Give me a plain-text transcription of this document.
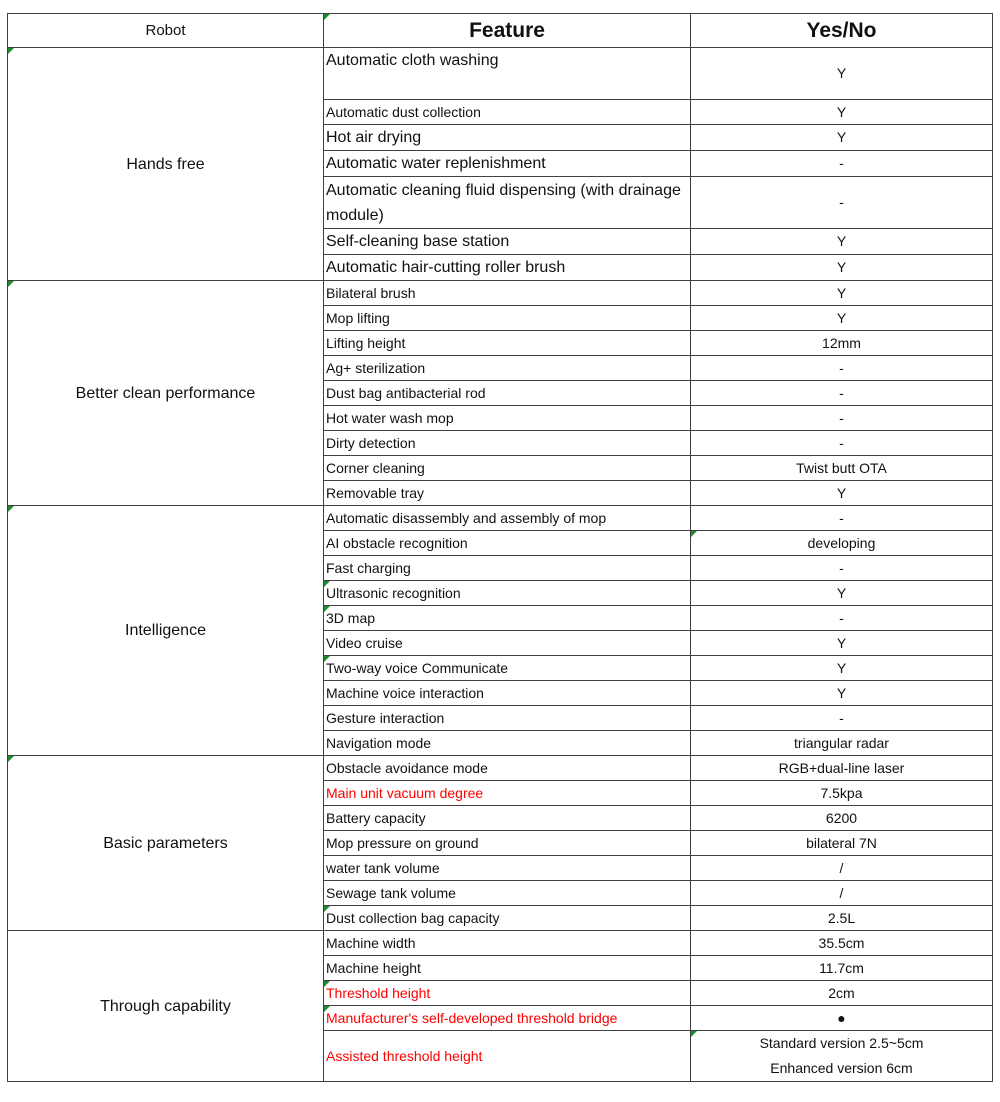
Robot	Feature	Yes/No
Hands free	Automatic cloth washing	Y
	Automatic dust collection	Y
	Hot air drying	Y
	Automatic water replenishment	-
	Automatic cleaning fluid dispensing (with drainage module)	-
	Self-cleaning base station	Y
	Automatic hair-cutting roller brush	Y
Better clean performance	Bilateral brush	Y
	Mop lifting	Y
	Lifting height	12mm
	Ag+ sterilization	-
	Dust bag antibacterial rod	-
	Hot water wash mop	-
	Dirty detection	-
	Corner cleaning	Twist butt OTA
	Removable tray	Y
Intelligence	Automatic disassembly and assembly of mop	-
	AI obstacle recognition	developing
	Fast charging	-
	Ultrasonic recognition	Y
	3D map	-
	Video cruise	Y
	Two-way voice Communicate	Y
	Machine voice interaction	Y
	Gesture interaction	-
	Navigation mode	triangular radar
Basic parameters	Obstacle avoidance mode	RGB+dual-line laser
	Main unit vacuum degree	7.5kpa
	Battery capacity	6200
	Mop pressure on ground	bilateral 7N
	water tank volume	/
	Sewage tank volume	/
	Dust collection bag capacity	2.5L
Through capability	Machine width	35.5cm
	Machine height	11.7cm
	Threshold height	2cm
	Manufacturer's self-developed threshold bridge	●
	Assisted threshold height	Standard version 2.5~5cm
Enhanced version 6cm
